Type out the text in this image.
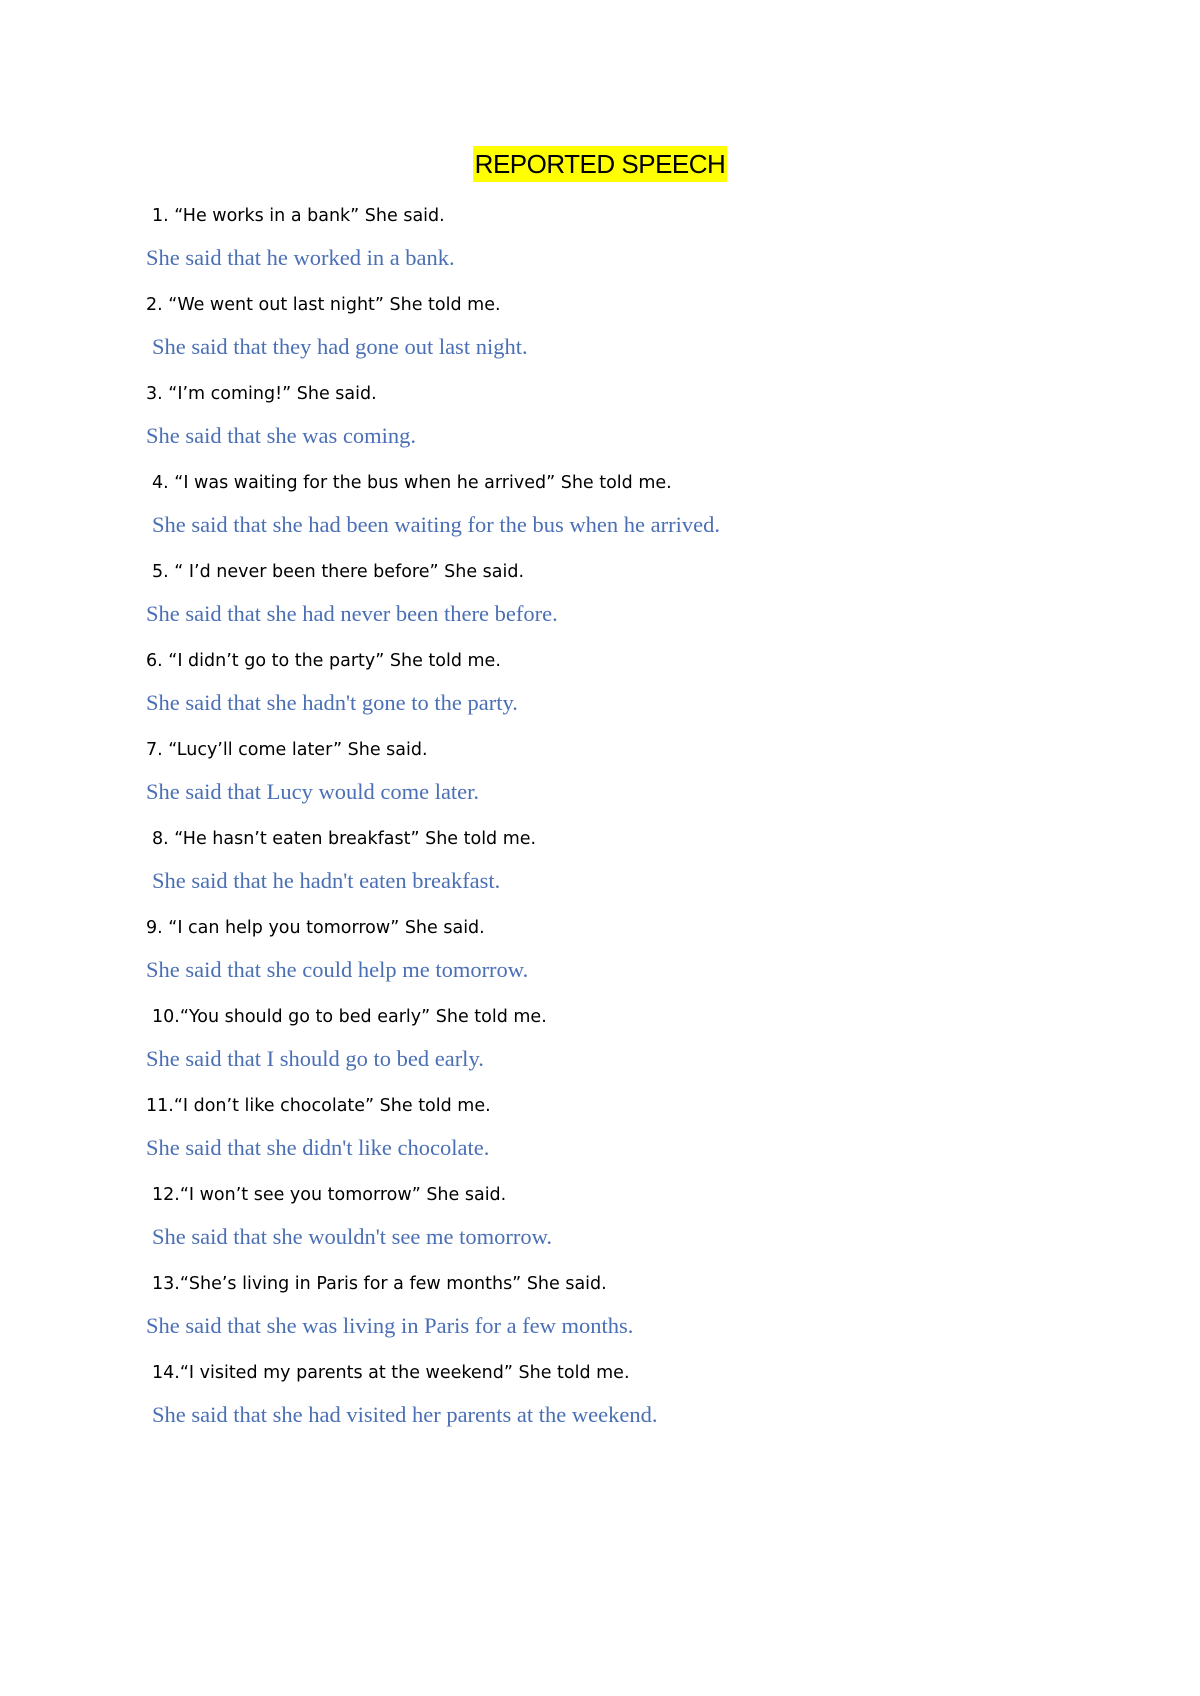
REPORTED SPEECH
1. “He works in a bank” She said.
She said that he worked in a bank.
2. “We went out last night” She told me.
She said that they had gone out last night.
3. “I’m coming!” She said.
She said that she was coming.
4. “I was waiting for the bus when he arrived” She told me.
She said that she had been waiting for the bus when he arrived.
5. “ I’d never been there before” She said.
She said that she had never been there before.
6. “I didn’t go to the party” She told me.
She said that she hadn't gone to the party.
7. “Lucy’ll come later” She said.
She said that Lucy would come later.
8. “He hasn’t eaten breakfast” She told me.
She said that he hadn't eaten breakfast.
9. “I can help you tomorrow” She said.
She said that she could help me tomorrow.
10.“You should go to bed early” She told me.
She said that I should go to bed early.
11.“I don’t like chocolate” She told me.
She said that she didn't like chocolate.
12.“I won’t see you tomorrow” She said.
She said that she wouldn't see me tomorrow.
13.“She’s living in Paris for a few months” She said.
She said that she was living in Paris for a few months.
14.“I visited my parents at the weekend” She told me.
She said that she had visited her parents at the weekend.
